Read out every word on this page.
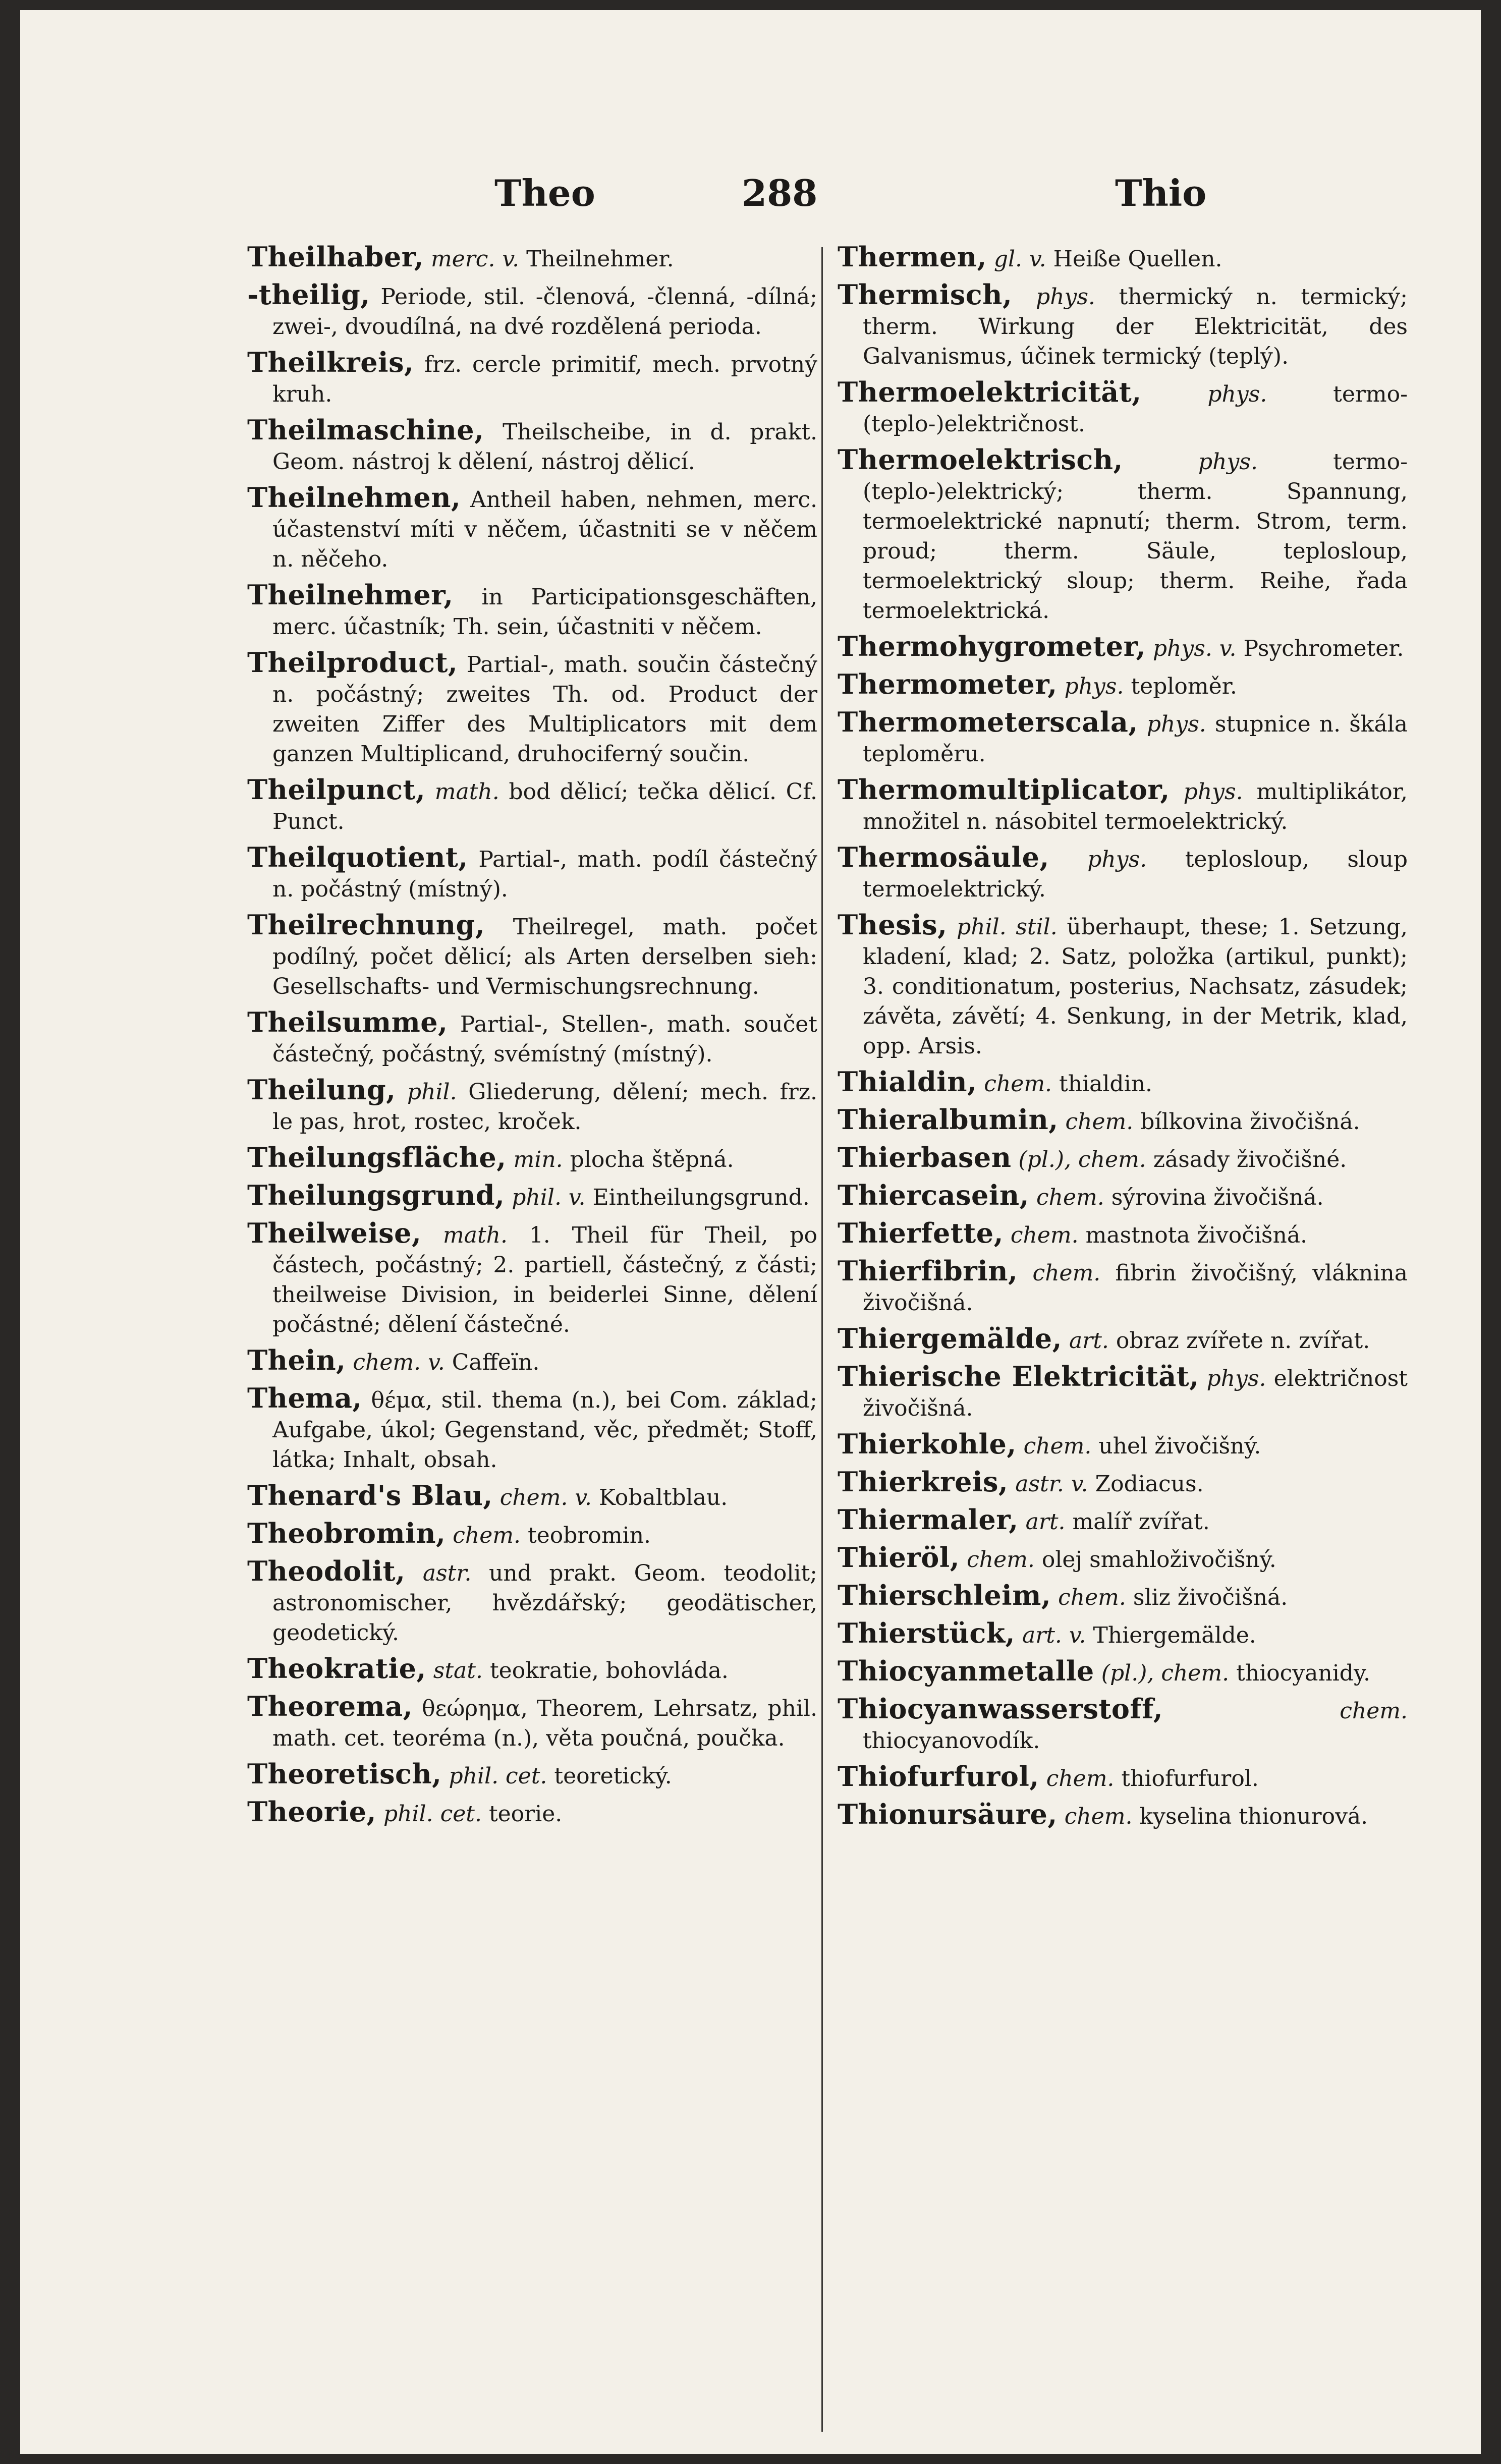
Theo	288	Thio

Theilhaber, merc. v. Theilnehmer.

-theilig, Periode, stil. -členová, -členná, -dílná; zwei-, dvoudílná, na dvé rozdělená perioda.

Theilkreis, frz. cercle primitif, mech. prvotný kruh.

Theilmaschine, Theilscheibe, in d. prakt. Geom. nástroj k dělení, nástroj dělicí.

Theilnehmen, Antheil haben, nehmen, merc. účastenství míti v něčem, účastniti se v něčem n. něčeho.

Theilnehmer, in Participationsgeschäften, merc. účastník; Th. sein, účastniti v něčem.

Theilproduct, Partial-, math. součin částečný n. počástný; zweites Th. od. Product der zweiten Ziffer des Multiplicators mit dem ganzen Multiplicand, druhociferný součin.

Theilpunct, math. bod dělicí; tečka dělicí. Cf. Punct.

Theilquotient, Partial-, math. podíl částečný n. počástný (místný).

Theilrechnung, Theilregel, math. počet podílný, počet dělicí; als Arten derselben sieh: Gesellschafts- und Vermischungsrechnung.

Theilsumme, Partial-, Stellen-, math. součet částečný, počástný, svémístný (místný).

Theilung, phil. Gliederung, dělení; mech. frz. le pas, hrot, rostec, kroček.

Theilungsfläche, min. plocha štěpná.

Theilungsgrund, phil. v. Eintheilungsgrund.

Theilweise, math. 1. Theil für Theil, po částech, počástný; 2. partiell, částečný, z části; theilweise Division, in beiderlei Sinne, dělení počástné; dělení částečné.

Thein, chem. v. Caffeïn.

Thema, θέμα, stil. thema (n.), bei Com. základ; Aufgabe, úkol; Gegenstand, věc, předmět; Stoff, látka; Inhalt, obsah.

Thenard's Blau, chem. v. Kobaltblau.

Theobromin, chem. teobromin.

Theodolit, astr. und prakt. Geom. teodolit; astronomischer, hvězdářský; geodätischer, geodetický.

Theokratie, stat. teokratie, bohovláda.

Theorema, θεώρημα, Theorem, Lehrsatz, phil. math. cet. teoréma (n.), věta poučná, poučka.

Theoretisch, phil. cet. teoretický.

Theorie, phil. cet. teorie.

Thermen, gl. v. Heiße Quellen.

Thermisch, phys. thermický n. termický; therm. Wirkung der Elektricität, des Galvanismus, účinek termický (teplý).

Thermoelektricität,	phys.	termo-(teplo-)električnost.

Thermoelektrisch,	phys.	termo- (teplo-)elektrický; therm. Spannung, termoelektrické napnutí; therm. Strom, term. proud; therm. Säule, teplosloup, termoelektrický sloup; therm. Reihe, řada termoelektrická.

Thermohygrometer, phys. v. Psychrometer.

Thermometer, phys. teploměr.

Thermometerscala, phys. stupnice n. škála teploměru.

Thermomultiplicator, phys. multiplikátor, množitel n. násobitel termoelektrický.

Thermosäule, phys. teplosloup, sloup termoelektrický.

Thesis, phil. stil. überhaupt, these; 1. Setzung, kladení, klad; 2. Satz, položka (artikul, punkt); 3. conditionatum, posterius, Nachsatz, zásudek; závěta, závětí; 4. Senkung, in der Metrik, klad, opp. Arsis.

Thialdin, chem. thialdin.

Thieralbumin, chem. bílkovina živočišná.

Thierbasen (pl.), chem. zásady živočišné.

Thiercasein, chem. sýrovina živočišná.

Thierfette, chem. mastnota živočišná.

Thierfibrin, chem. fibrin živočišný, vláknina živočišná.

Thiergemälde, art. obraz zvířete n. zvířat.

Thierische Elektricität, phys. električnost živočišná.

Thierkohle, chem. uhel živočišný.

Thierkreis, astr. v. Zodiacus.

Thiermaler, art. malíř zvířat.

Thieröl, chem. olej smahloživočišný.

Thierschleim, chem. sliz živočišná.

Thierstück, art. v. Thiergemälde.

Thiocyanmetalle (pl.), chem. thiocyanidy.

Thiocyanwasserstoff,	chem. thiocyanovodík.

Thiofurfurol, chem. thiofurfurol.

Thionursäure, chem. kyselina thionurová.
